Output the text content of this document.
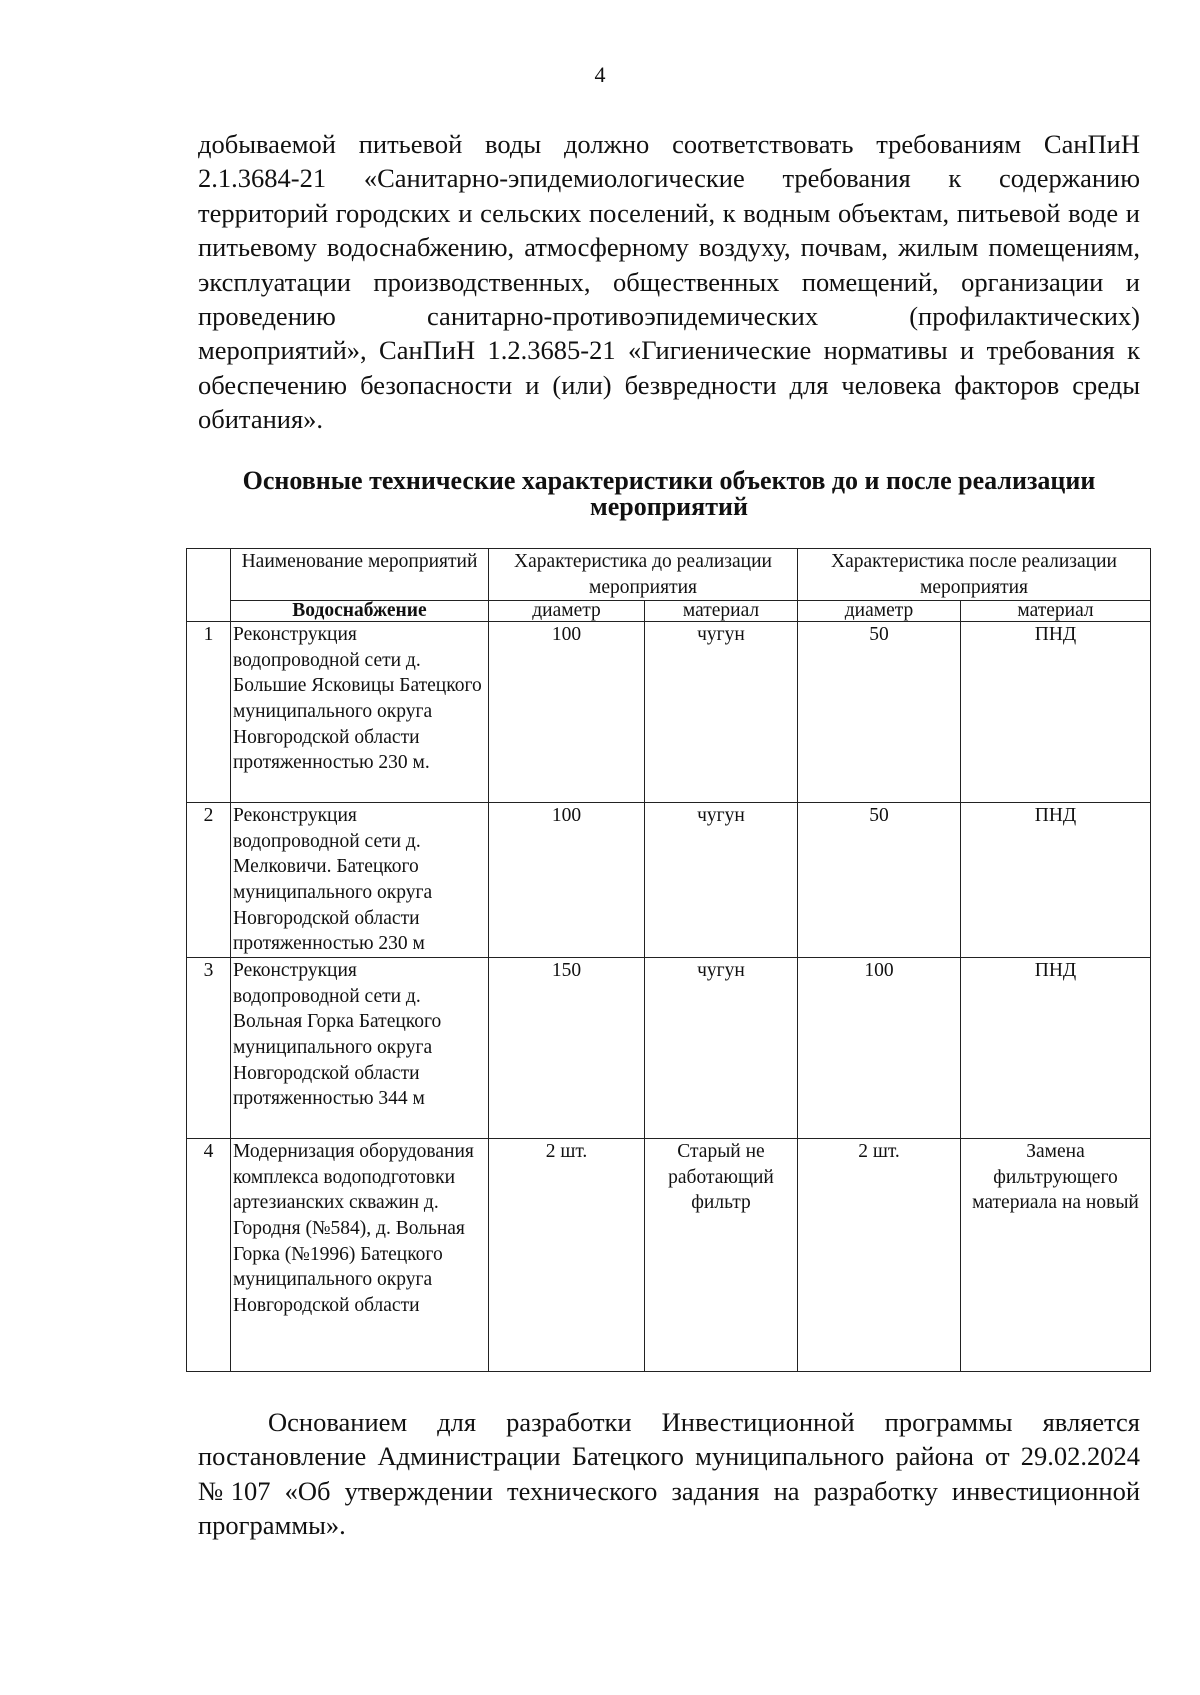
4

добываемой питьевой воды должно соответствовать требованиям СанПиН 2.1.3684-21 «Санитарно-эпидемиологические требования к содержанию территорий городских и сельских поселений, к водным объектам, питьевой воде и питьевому водоснабжению, атмосферному воздуху, почвам, жилым помещениям, эксплуатации производственных, общественных помещений, организации и проведению санитарно-противоэпидемических (профилактических) мероприятий», СанПиН 1.2.3685-21 «Гигиенические нормативы и требования к обеспечению безопасности и (или) безвредности для человека факторов среды обитания».

Основные технические характеристики объектов до и после реализации мероприятий
	Наименование мероприятий	Характеристика до реализации мероприятия		Характеристика после реализации мероприятия	
	Водоснабжение	диаметр	материал	диаметр	материал
1	Реконструкция водопроводной сети д. Большие Ясковицы Батецкого муниципального округа Новгородской области протяженностью 230 м.	100	чугун	50	ПНД
2	Реконструкция водопроводной сети д. Мелковичи. Батецкого муниципального округа Новгородской области протяженностью 230 м	100	чугун	50	ПНД
3	Реконструкция водопроводной сети д. Вольная Горка Батецкого муниципального округа Новгородской области протяженностью 344 м	150	чугун	100	ПНД
4	Модернизация оборудования комплекса водоподготовки артезианских скважин д. Городня (№584), д. Вольная Горка (№1996) Батецкого муниципального округа Новгородской области	2 шт.	Старый не работающий фильтр	2 шт.	Замена фильтрующего материала на новый

Основанием для разработки Инвестиционной программы является постановление Администрации Батецкого муниципального района от 29.02.2024 №107 «Об утверждении технического задания на разработку инвестиционной программы».
